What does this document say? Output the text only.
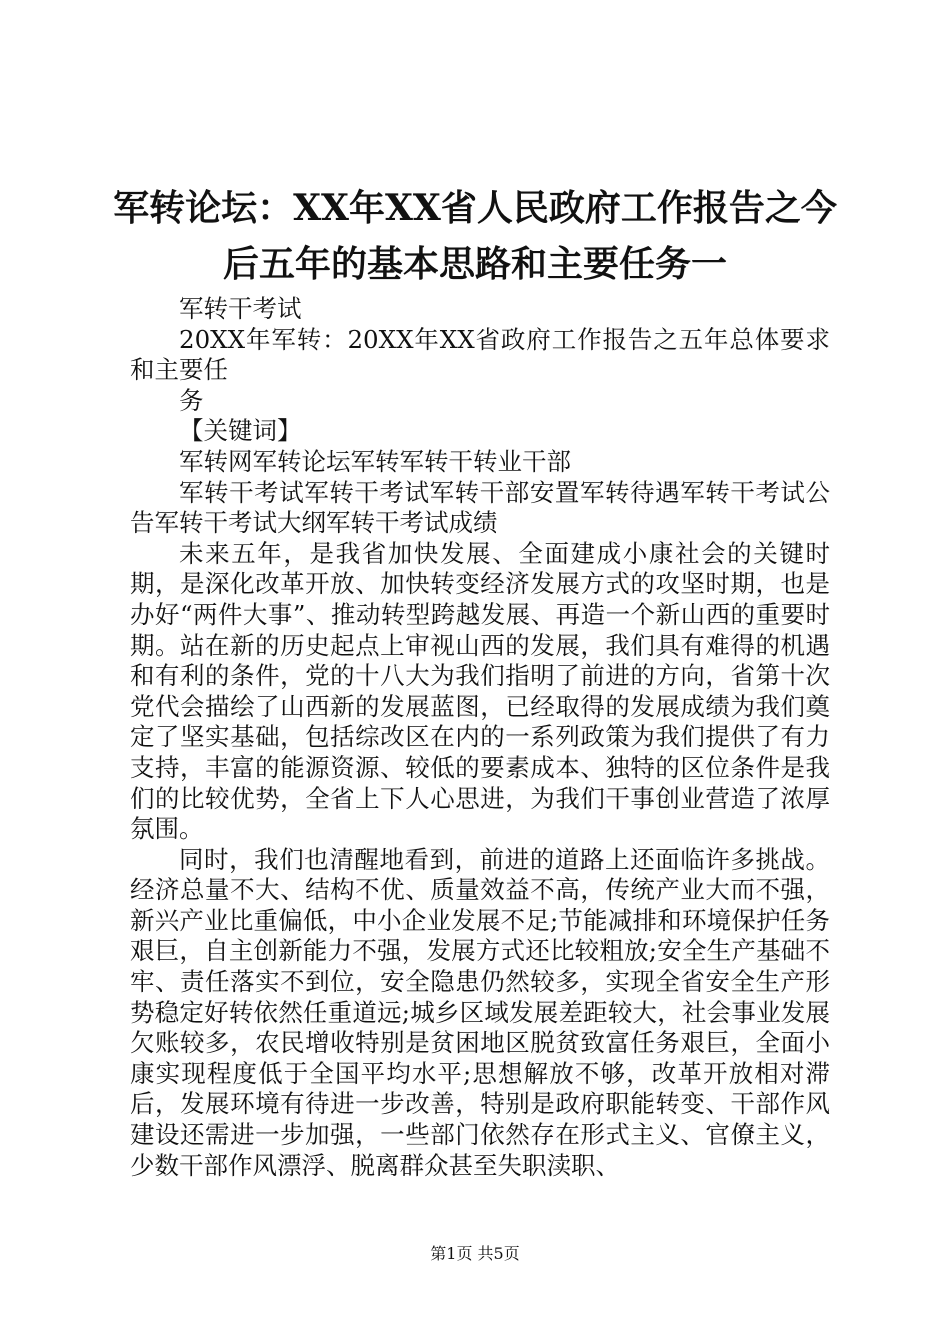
军转论坛：XX年XX省人民政府工作报告之今
后五年的基本思路和主要任务一

军转干考试

20XX年军转：20XX年XX省政府工作报告之五年总体要求和主要任

务

【关键词】

军转网军转论坛军转军转干转业干部

军转干考试军转干考试军转干部安置军转待遇军转干考试公告军转干考试大纲军转干考试成绩

未来五年，是我省加快发展、全面建成小康社会的关键时期，是深化改革开放、加快转变经济发展方式的攻坚时期，也是办好“两件大事”、推动转型跨越发展、再造一个新山西的重要时期。站在新的历史起点上审视山西的发展，我们具有难得的机遇和有利的条件，党的十八大为我们指明了前进的方向，省第十次党代会描绘了山西新的发展蓝图，已经取得的发展成绩为我们奠定了坚实基础，包括综改区在内的一系列政策为我们提供了有力支持，丰富的能源资源、较低的要素成本、独特的区位条件是我们的比较优势，全省上下人心思进，为我们干事创业营造了浓厚氛围。

同时，我们也清醒地看到，前进的道路上还面临许多挑战。经济总量不大、结构不优、质量效益不高，传统产业大而不强，新兴产业比重偏低，中小企业发展不足;节能减排和环境保护任务艰巨，自主创新能力不强，发展方式还比较粗放;安全生产基础不牢、责任落实不到位，安全隐患仍然较多，实现全省安全生产形势稳定好转依然任重道远;城乡区域发展差距较大，社会事业发展欠账较多，农民增收特别是贫困地区脱贫致富任务艰巨，全面小康实现程度低于全国平均水平;思想解放不够，改革开放相对滞后，发展环境有待进一步改善，特别是政府职能转变、干部作风建设还需进一步加强，一些部门依然存在形式主义、官僚主义，少数干部作风漂浮、脱离群众甚至失职渎职、

第1页 共5页
